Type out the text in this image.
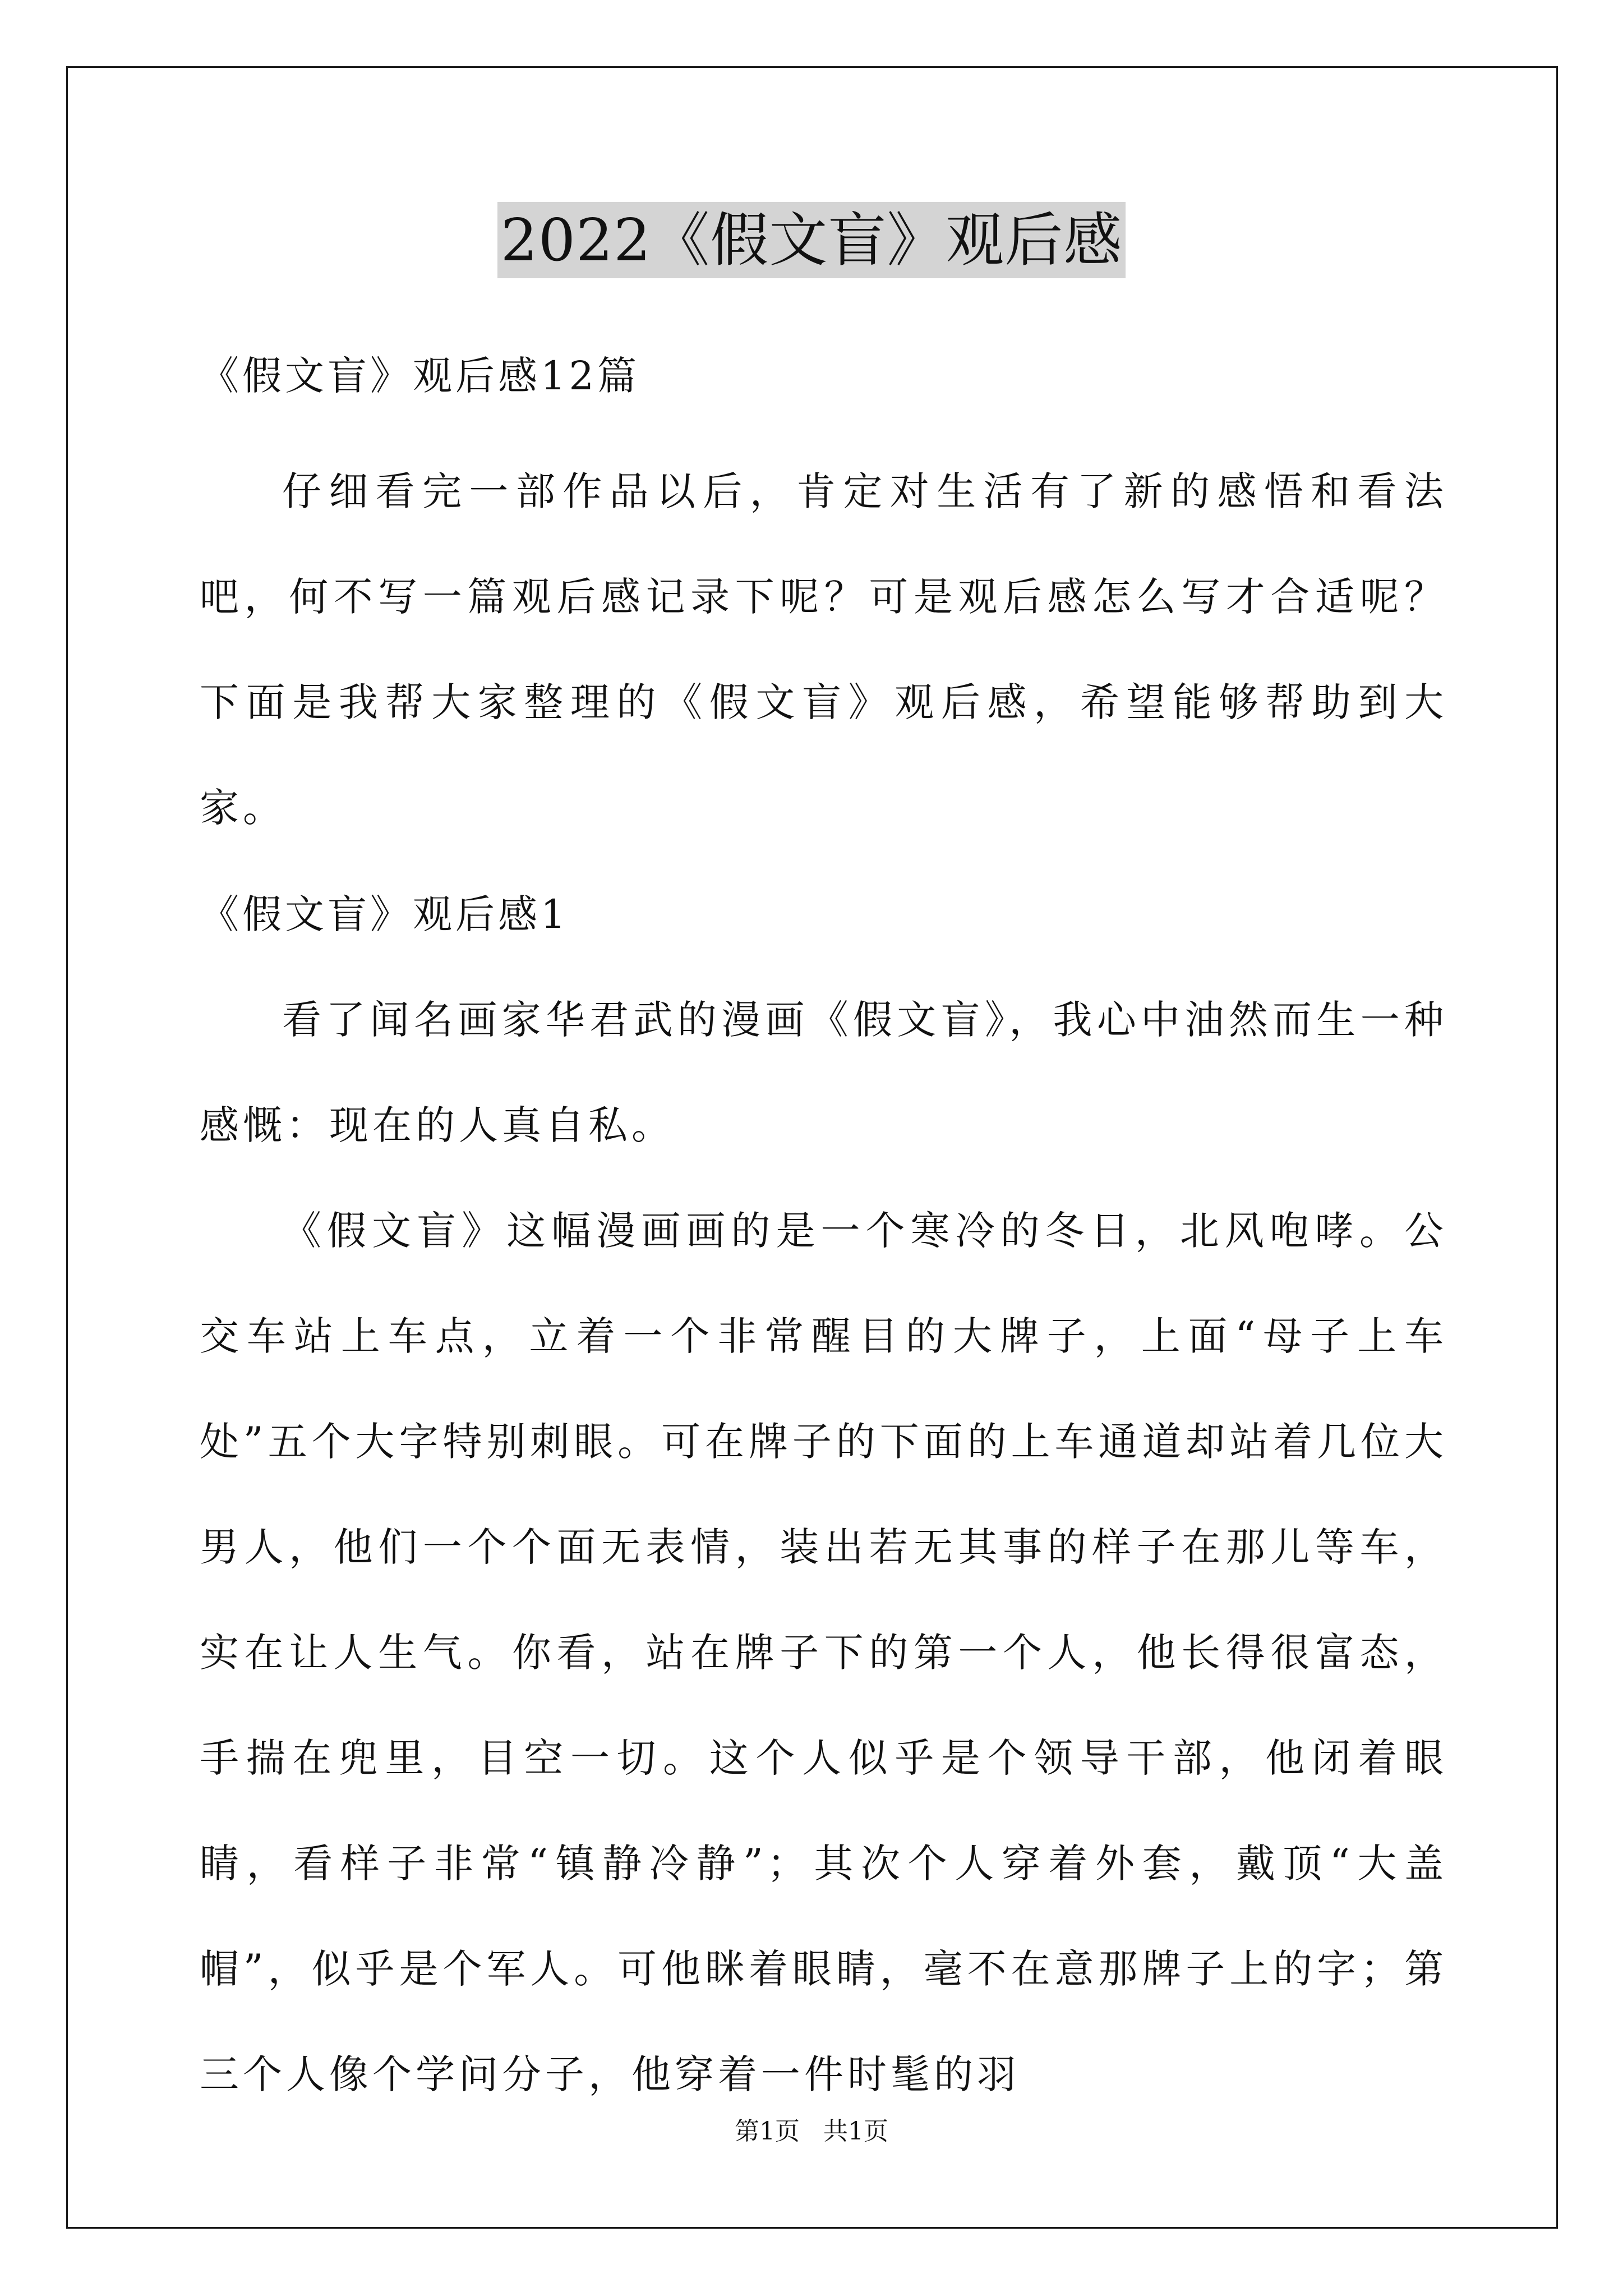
2022《假文盲》观后感

《假文盲》观后感12篇

仔细看完一部作品以后，肯定对生活有了新的感悟和看法吧，何不写一篇观后感记录下呢？可是观后感怎么写才合适呢？下面是我帮大家整理的《假文盲》观后感，希望能够帮助到大家。

《假文盲》观后感1

看了闻名画家华君武的漫画《假文盲》，我心中油然而生一种感慨：现在的人真自私。

《假文盲》这幅漫画画的是一个寒冷的冬日，北风咆哮。公交车站上车点，立着一个非常醒目的大牌子，上面“母子上车处”五个大字特别刺眼。可在牌子的下面的上车通道却站着几位大男人，他们一个个面无表情，装出若无其事的样子在那儿等车，实在让人生气。你看，站在牌子下的第一个人，他长得很富态，手揣在兜里，目空一切。这个人似乎是个领导干部，他闭着眼睛，看样子非常“镇静冷静”；其次个人穿着外套，戴顶“大盖帽”，似乎是个军人。可他眯着眼睛，毫不在意那牌子上的字；第三个人像个学问分子，他穿着一件时髦的羽

第1页   共1页
